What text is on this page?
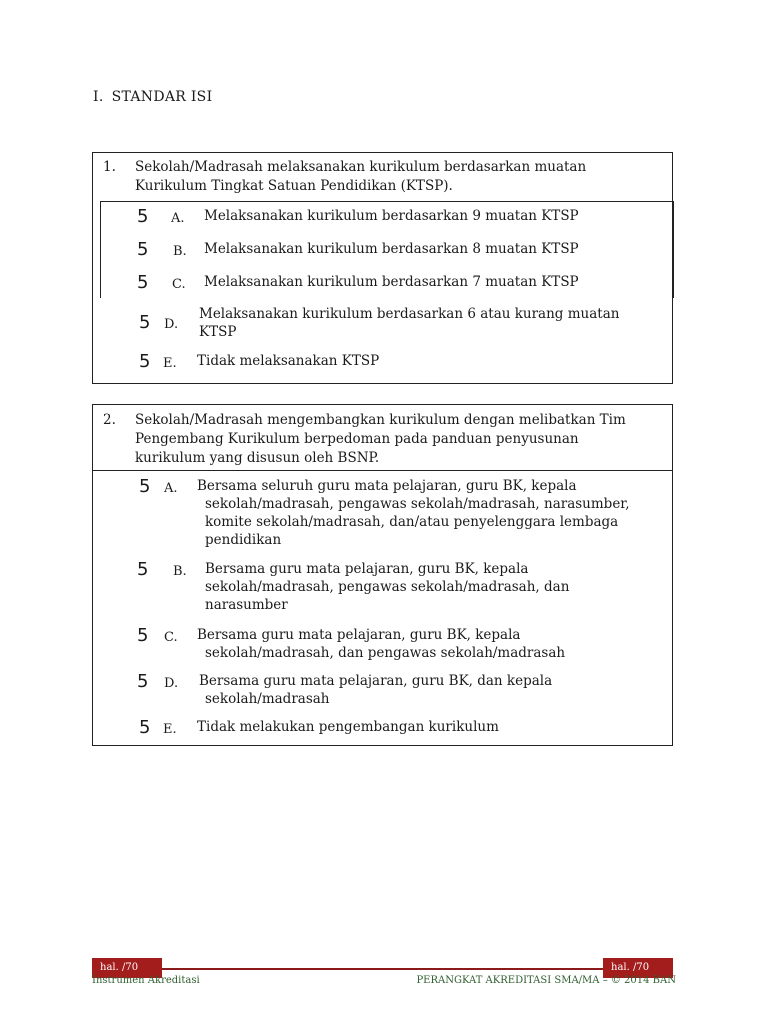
I. STANDAR ISI
1. Sekolah/Madrasah melaksanakan kurikulum berdasarkan muatan Kurikulum Tingkat Satuan Pendidikan (KTSP).
5 A. Melaksanakan kurikulum berdasarkan 9 muatan KTSP
5 B. Melaksanakan kurikulum berdasarkan 8 muatan KTSP
5 C. Melaksanakan kurikulum berdasarkan 7 muatan KTSP
5 D.
Melaksanakan kurikulum berdasarkan 6 atau kurang muatan KTSP
5 E. Tidak melaksanakan KTSP
2. Sekolah/Madrasah mengembangkan kurikulum dengan melibatkan Tim Pengembang Kurikulum berpedoman pada panduan penyusunan kurikulum yang disusun oleh BSNP.
5 A. Bersama seluruh guru mata pelajaran, guru BK, kepala sekolah/madrasah, pengawas sekolah/madrasah, narasumber, komite sekolah/madrasah, dan/atau penyelenggara lembaga pendidikan
5 B. Bersama guru mata pelajaran, guru BK, kepala sekolah/madrasah, pengawas sekolah/madrasah, dan narasumber
5 C. Bersama guru mata pelajaran, guru BK, kepala sekolah/madrasah, dan pengawas sekolah/madrasah
5 D. Bersama guru mata pelajaran, guru BK, dan kepala sekolah/madrasah
5 E. Tidak melakukan pengembangan kurikulum
hal. /70	hal. /70
Instrumen Akreditasi	PERANGKAT AKREDITASI SMA/MA – © 2014 BAN
